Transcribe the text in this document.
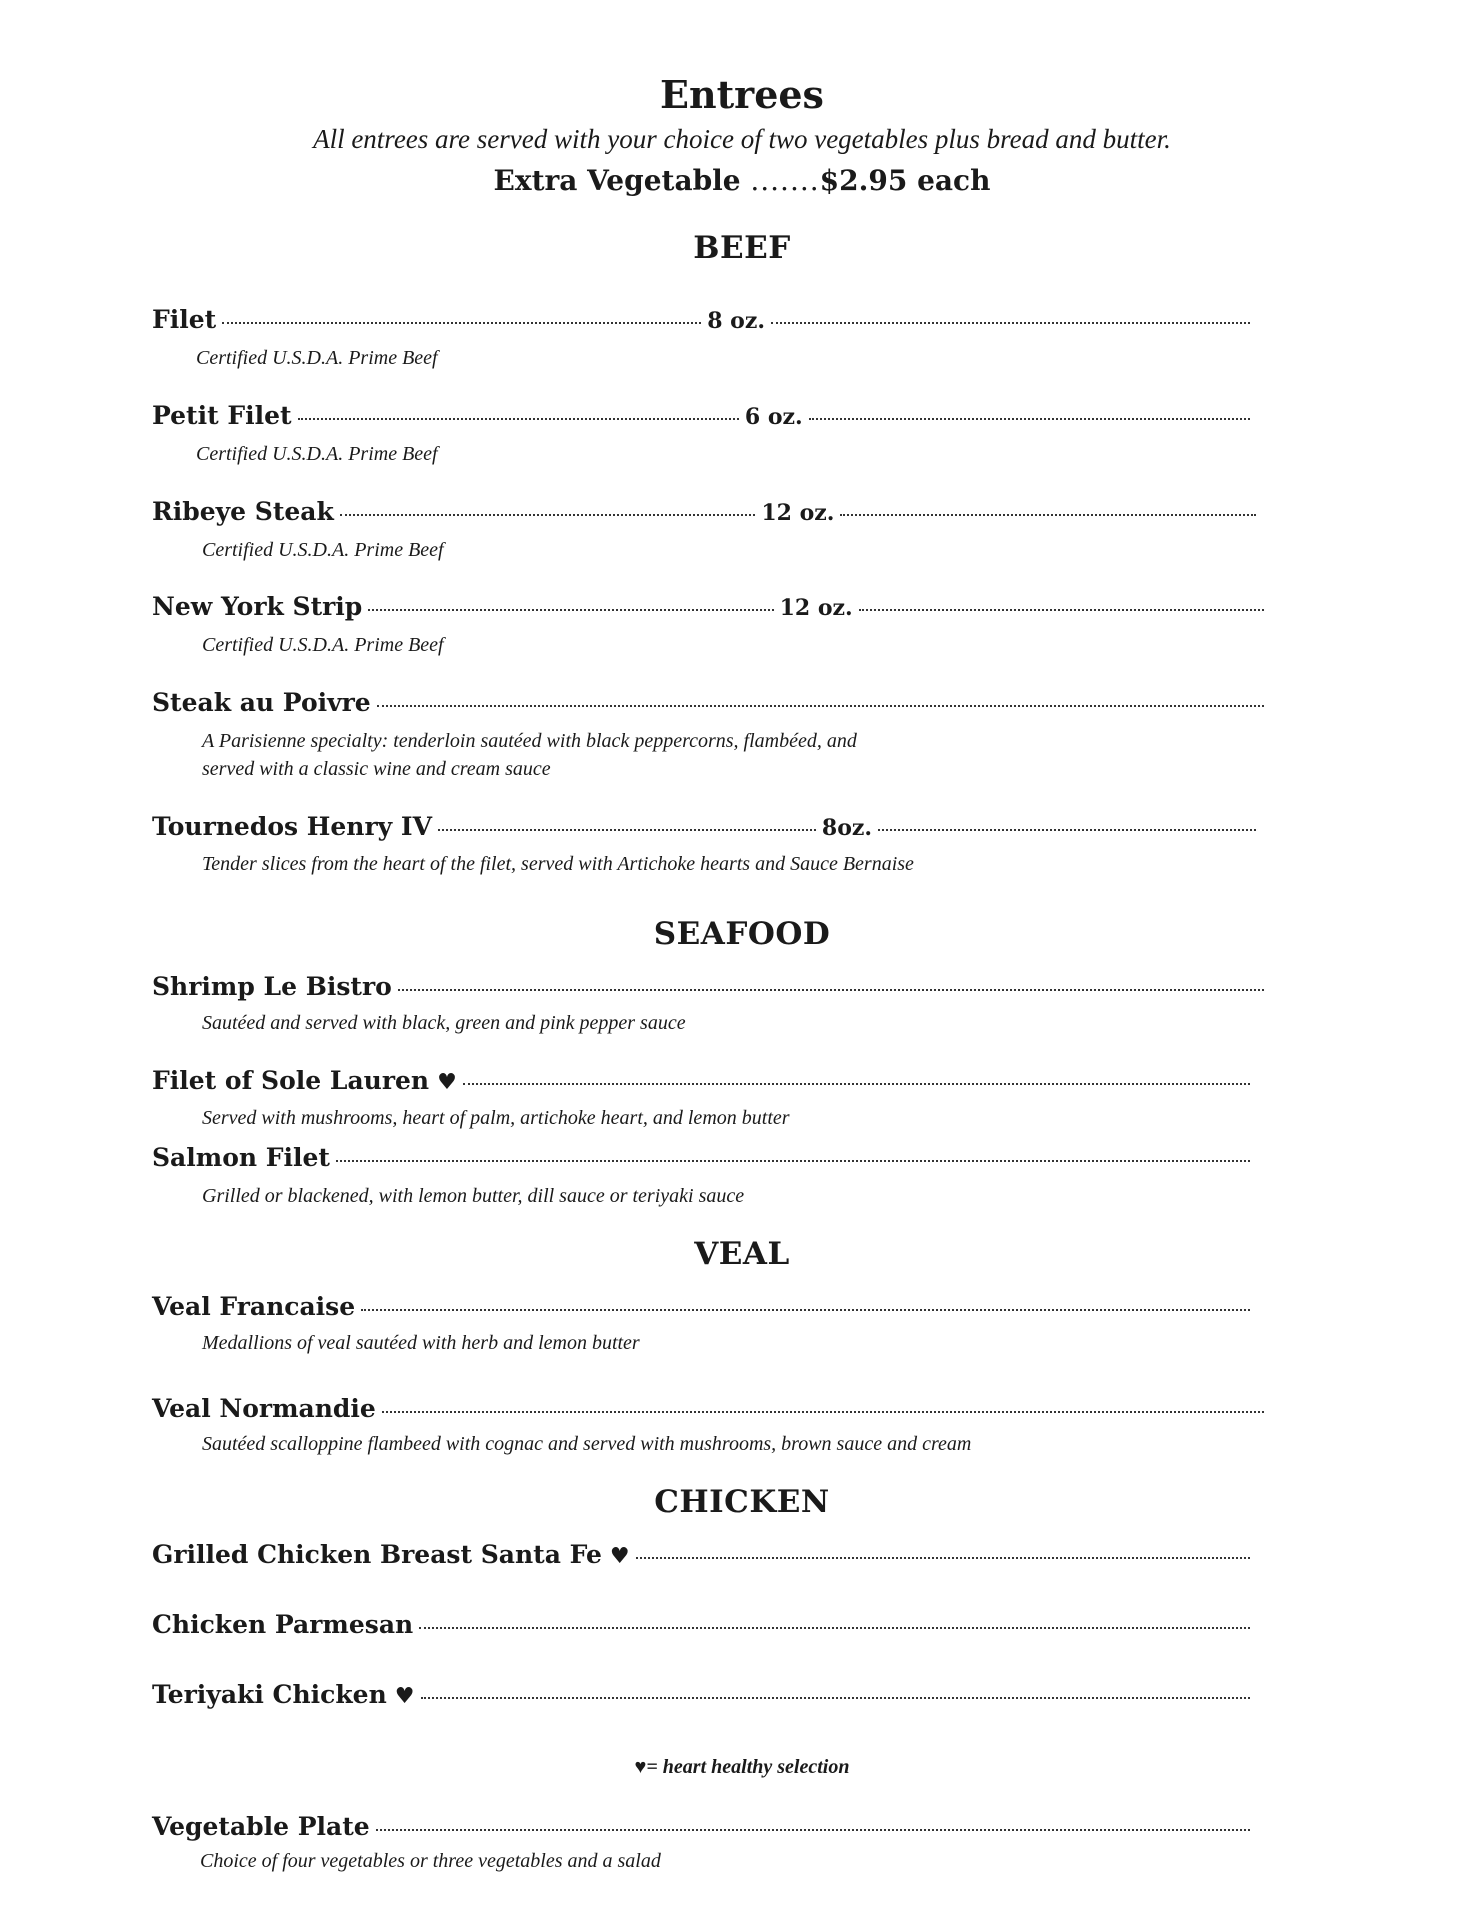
Entrees
All entrees are served with your choice of two vegetables plus bread and butter.
Extra Vegetable .......$2.95 each
BEEF
Filet	8 oz.
Certified U.S.D.A. Prime Beef
Petit Filet	6 oz.
Certified U.S.D.A. Prime Beef
Ribeye Steak	12 oz.
Certified U.S.D.A. Prime Beef
New York Strip	12 oz.
Certified U.S.D.A. Prime Beef
Steak au Poivre
A Parisienne specialty: tenderloin sautéed with black peppercorns, flambéed, and
served with a classic wine and cream sauce
Tournedos Henry IV	8oz.
Tender slices from the heart of the filet, served with Artichoke hearts and Sauce Bernaise
SEAFOOD
Shrimp Le Bistro
Sautéed and served with black, green and pink pepper sauce
Filet of Sole Lauren ♥
Served with mushrooms, heart of palm, artichoke heart, and lemon butter
Salmon Filet
Grilled or blackened, with lemon butter, dill sauce or teriyaki sauce
VEAL
Veal Francaise
Medallions of veal sautéed with herb and lemon butter
Veal Normandie
Sautéed scalloppine flambeed with cognac and served with mushrooms, brown sauce and cream
CHICKEN
Grilled Chicken Breast Santa Fe ♥
Chicken Parmesan
Teriyaki Chicken ♥
♥= heart healthy selection
Vegetable Plate
Choice of four vegetables or three vegetables and a salad
